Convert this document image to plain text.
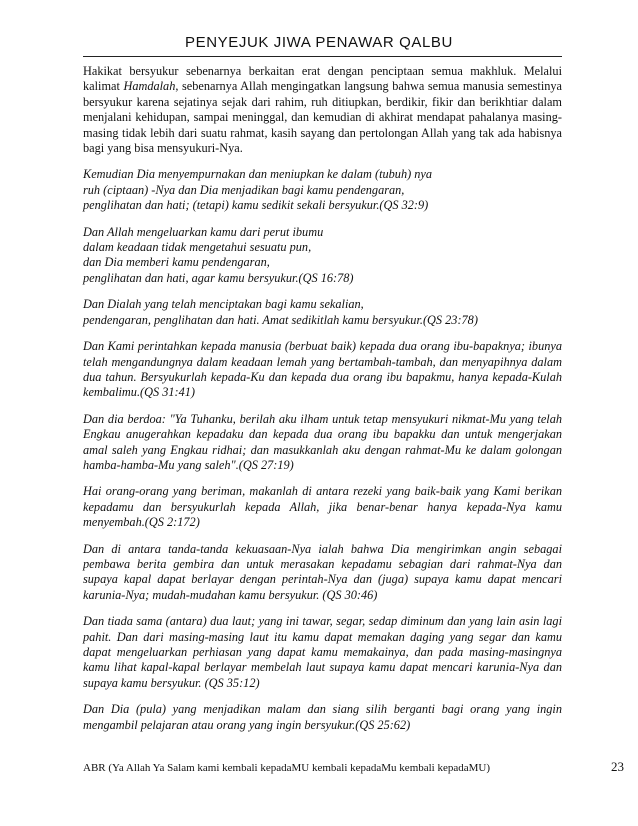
PENYEJUK JIWA PENAWAR QALBU

Hakikat bersyukur sebenarnya berkaitan erat dengan penciptaan semua makhluk. Melalui kalimat Hamdalah, sebenarnya Allah mengingatkan langsung bahwa semua manusia semestinya bersyukur karena sejatinya sejak dari rahim, ruh ditiupkan, berdikir, fikir dan berikhtiar dalam menjalani kehidupan, sampai meninggal, dan kemudian di akhirat mendapat pahalanya masing-masing tidak lebih dari suatu rahmat, kasih sayang dan pertolongan Allah yang tak ada habisnya bagi yang bisa mensyukuri-Nya.

Kemudian Dia menyempurnakan dan meniupkan ke dalam (tubuh) nya
ruh (ciptaan) -Nya dan Dia menjadikan bagi kamu pendengaran,
penglihatan dan hati; (tetapi) kamu sedikit sekali bersyukur.(QS 32:9)

Dan Allah mengeluarkan kamu dari perut ibumu
dalam keadaan tidak mengetahui sesuatu pun,
dan Dia memberi kamu pendengaran,
penglihatan dan hati, agar kamu bersyukur.(QS 16:78)

Dan Dialah yang telah menciptakan bagi kamu sekalian,
pendengaran, penglihatan dan hati. Amat sedikitlah kamu bersyukur.(QS 23:78)

Dan Kami perintahkan kepada manusia (berbuat baik) kepada dua orang ibu-bapaknya; ibunya telah mengandungnya dalam keadaan lemah yang bertambah-tambah, dan menyapihnya dalam dua tahun. Bersyukurlah kepada-Ku dan kepada dua orang ibu bapakmu, hanya kepada-Kulah kembalimu.(QS 31:41)

Dan dia berdoa: "Ya Tuhanku, berilah aku ilham untuk tetap mensyukuri nikmat-Mu yang telah Engkau anugerahkan kepadaku dan kepada dua orang ibu bapakku dan untuk mengerjakan amal saleh yang Engkau ridhai; dan masukkanlah aku dengan rahmat-Mu ke dalam golongan hamba-hamba-Mu yang saleh".(QS 27:19)

Hai orang-orang yang beriman, makanlah di antara rezeki yang baik-baik yang Kami berikan kepadamu dan bersyukurlah kepada Allah, jika benar-benar hanya kepada-Nya kamu menyembah.(QS 2:172)

Dan di antara tanda-tanda kekuasaan-Nya ialah bahwa Dia mengirimkan angin sebagai pembawa berita gembira dan untuk merasakan kepadamu sebagian dari rahmat-Nya dan supaya kapal dapat berlayar dengan perintah-Nya dan (juga) supaya kamu dapat mencari karunia-Nya; mudah-mudahan kamu bersyukur. (QS 30:46)

Dan tiada sama (antara) dua laut; yang ini tawar, segar, sedap diminum dan yang lain asin lagi pahit. Dan dari masing-masing laut itu kamu dapat memakan daging yang segar dan kamu dapat mengeluarkan perhiasan yang dapat kamu memakainya, dan pada masing-masingnya kamu lihat kapal-kapal berlayar membelah laut supaya kamu dapat mencari karunia-Nya dan supaya kamu bersyukur. (QS 35:12)

Dan Dia (pula) yang menjadikan malam dan siang silih berganti bagi orang yang ingin mengambil pelajaran atau orang yang ingin bersyukur.(QS 25:62)

ABR (Ya Allah Ya Salam kami kembali kepadaMU kembali kepadaMu kembali kepadaMU)	23
